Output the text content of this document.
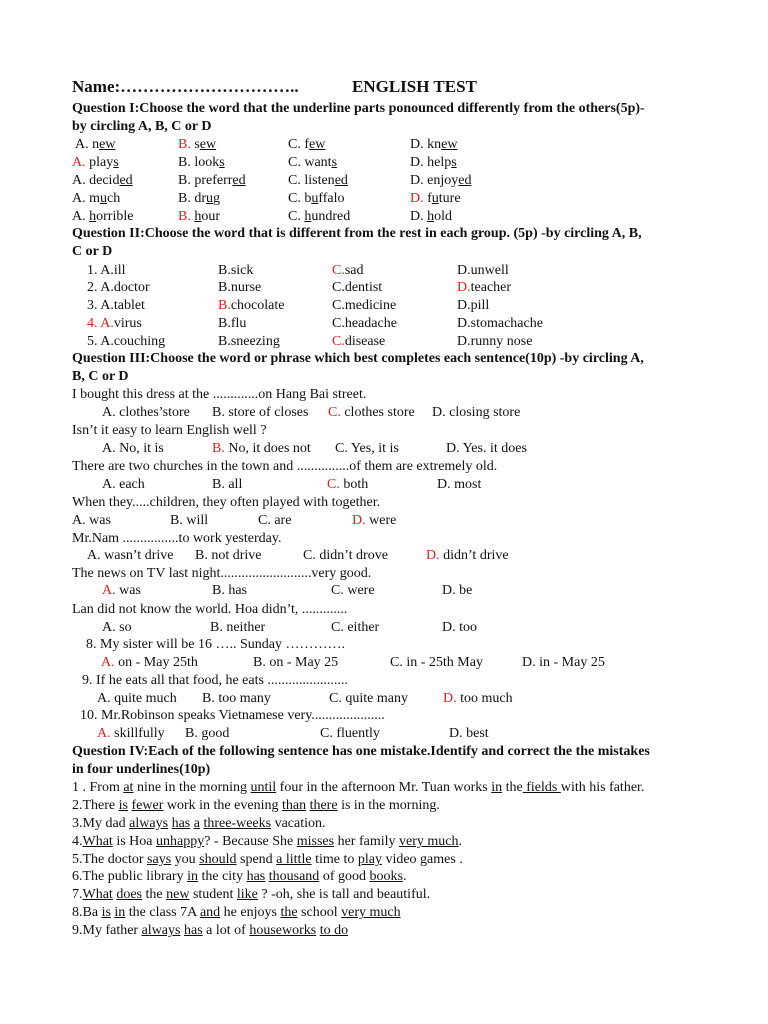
Name:…………………………..	ENGLISH TEST
Question I:Choose the word that the underline parts ponounced differently from the others(5p)-
by circling A, B, C or D
A. new	B. sew	C. few	D. knew
A. plays	B. looks	C. wants	D. helps
A. decided	B. preferred	C. listened	D. enjoyed
A. much	B. drug	C. buffalo	D. future
A. horrible	B. hour	C. hundred	D. hold
Question II:Choose the word that is different from the rest in each group. (5p) -by circling A, B,
C or D
1. A.ill	B.sick	C.sad	D.unwell
2. A.doctor	B.nurse	C.dentist	D.teacher
3. A.tablet	B.chocolate	C.medicine	D.pill
4. A.virus	B.flu	C.headache	D.stomachache
5. A.couching	B.sneezing	C.disease	D.runny nose
Question III:Choose the word or phrase which best completes each sentence(10p) -by circling A,
B, C or D
I bought this dress at the .............on Hang Bai street.
A. clothes’store B. store of closes C. clothes store D. closing store
Isn’t it easy to learn English well ?
A. No, it is	B. No, it does not C. Yes, it is	D. Yes. it does
There are two churches in the town and ...............of them are extremely old.
A. each	B. all	C. both	D. most
When they.....children, they often played with together.
A. was	B. will	C. are	D. were
Mr.Nam ................to work yesterday.
A. wasn’t drive B. not drive	C. didn’t drove	D. didn’t drive
The news on TV last night..........................very good.
A. was	B. has	C. were	D. be
Lan did not know the world. Hoa didn’t, .............
A. so	B. neither	C. either	D. too
8. My sister will be 16 ….. Sunday ………….
A. on - May 25th	B. on - May 25	C. in - 25th May	D. in - May 25
9. If he eats all that food, he eats .......................
A. quite much B. too many	C. quite many	D. too much
10. Mr.Robinson speaks Vietnamese very.....................
A. skillfully B. good	C. fluently	D. best
Question IV:Each of the following sentence has one mistake.Identify and correct the the mistakes
in four underlines(10p)
1 . From at nine in the morning until four in the afternoon Mr. Tuan works in the fields with his father.
2.There is fewer work in the evening than there is in the morning.
3.My dad always has a three-weeks vacation.
4.What is Hoa unhappy? - Because She misses her family very much.
5.The doctor says you should spend a little time to play video games .
6.The public library in the city has thousand of good books.
7.What does the new student like ? -oh, she is tall and beautiful.
8.Ba is in the class 7A and he enjoys the school very much
9.My father always has a lot of houseworks to do
